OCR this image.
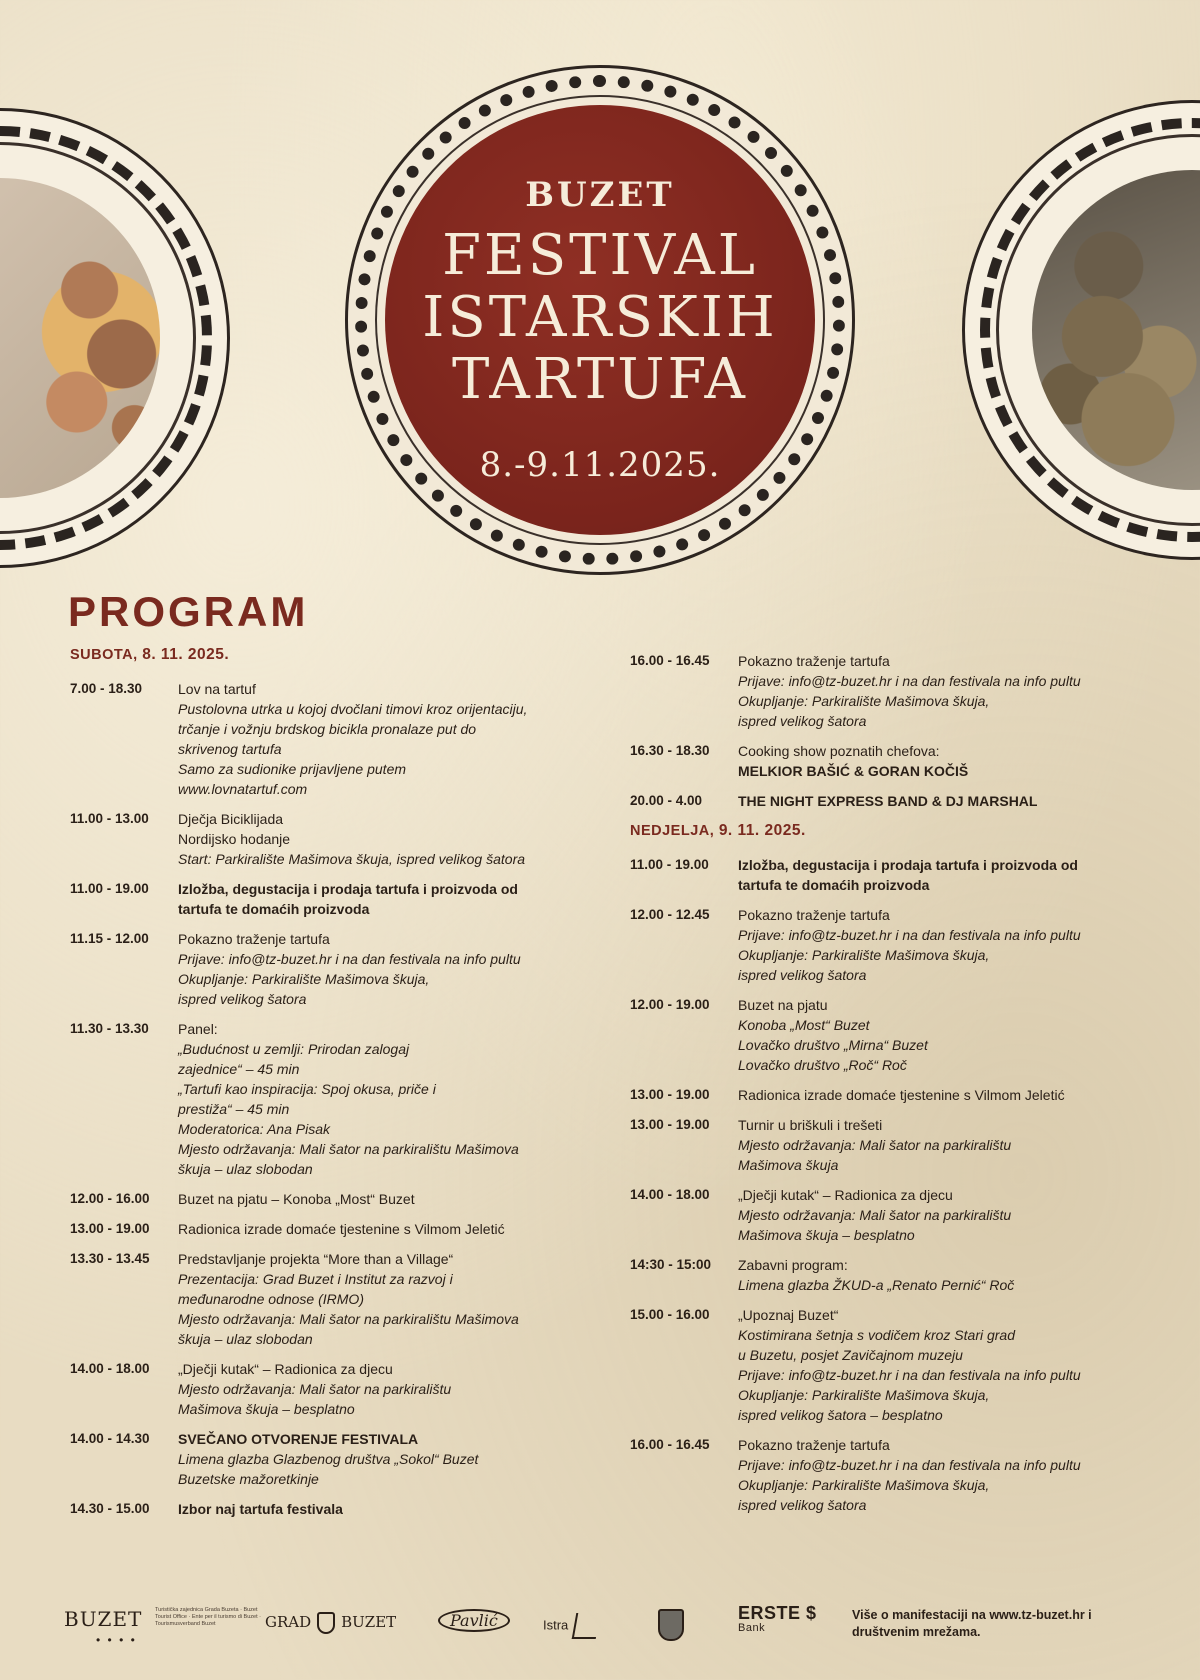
BUZET
FESTIVAL
ISTARSKIH
TARTUFA
8.-9.11.2025.
PROGRAM
SUBOTA, 8. 11. 2025.
7.00 - 18.30	Lov na tartuf
Pustolovna utrka u kojoj dvočlani timovi kroz orijentaciju,
trčanje i vožnju brdskog bicikla pronalaze put do
skrivenog tartufa
Samo za sudionike prijavljene putem
www.lovnatartuf.com
11.00 - 13.00	Dječja Biciklijada
Nordijsko hodanje
Start: Parkiralište Mašimova škuja, ispred velikog šatora
11.00 - 19.00	Izložba, degustacija i prodaja tartufa i proizvoda od
tartufa te domaćih proizvoda
11.15 - 12.00	Pokazno traženje tartufa
Prijave: info@tz-buzet.hr i na dan festivala na info pultu
Okupljanje: Parkiralište Mašimova škuja,
ispred velikog šatora
11.30 - 13.30	Panel:
„Budućnost u zemlji: Prirodan zalogaj
zajednice“ – 45 min
„Tartufi kao inspiracija: Spoj okusa, priče i
prestiža“ – 45 min
Moderatorica: Ana Pisak
Mjesto održavanja: Mali šator na parkiralištu Mašimova
škuja – ulaz slobodan
12.00 - 16.00	Buzet na pjatu – Konoba „Most“ Buzet
13.00 - 19.00	Radionica izrade domaće tjestenine s Vilmom Jeletić
13.30 - 13.45	Predstavljanje projekta “More than a Village“
Prezentacija: Grad Buzet i Institut za razvoj i
međunarodne odnose (IRMO)
Mjesto održavanja: Mali šator na parkiralištu Mašimova
škuja – ulaz slobodan
14.00 - 18.00	„Dječji kutak“ – Radionica za djecu
Mjesto održavanja: Mali šator na parkiralištu
Mašimova škuja – besplatno
14.00 - 14.30	SVEČANO OTVORENJE FESTIVALA
Limena glazba Glazbenog društva „Sokol“ Buzet
Buzetske mažoretkinje
14.30 - 15.00	Izbor naj tartufa festivala
16.00 - 16.45	Pokazno traženje tartufa
Prijave: info@tz-buzet.hr i na dan festivala na info pultu
Okupljanje: Parkiralište Mašimova škuja,
ispred velikog šatora
16.30 - 18.30	Cooking show poznatih chefova:
MELKIOR BAŠIĆ & GORAN KOČIŠ
20.00 - 4.00	THE NIGHT EXPRESS BAND & DJ MARSHAL
NEDJELJA, 9. 11. 2025.
11.00 - 19.00	Izložba, degustacija i prodaja tartufa i proizvoda od
tartufa te domaćih proizvoda
12.00 - 12.45	Pokazno traženje tartufa
Prijave: info@tz-buzet.hr i na dan festivala na info pultu
Okupljanje: Parkiralište Mašimova škuja,
ispred velikog šatora
12.00 - 19.00	Buzet na pjatu
Konoba „Most“ Buzet
Lovačko društvo „Mirna“ Buzet
Lovačko društvo „Roč“ Roč
13.00 - 19.00	Radionica izrade domaće tjestenine s Vilmom Jeletić
13.00 - 19.00	Turnir u briškuli i trešeti
Mjesto održavanja: Mali šator na parkiralištu
Mašimova škuja
14.00 - 18.00	„Dječji kutak“ – Radionica za djecu
Mjesto održavanja: Mali šator na parkiralištu
Mašimova škuja – besplatno
14:30 - 15:00	Zabavni program:
Limena glazba ŽKUD-a „Renato Pernić“ Roč
15.00 - 16.00	„Upoznaj Buzet“
Kostimirana šetnja s vodičem kroz Stari grad
u Buzetu, posjet Zavičajnom muzeju
Prijave: info@tz-buzet.hr i na dan festivala na info pultu
Okupljanje: Parkiralište Mašimova škuja,
ispred velikog šatora – besplatno
16.00 - 16.45	Pokazno traženje tartufa
Prijave: info@tz-buzet.hr i na dan festivala na info pultu
Okupljanje: Parkiralište Mašimova škuja,
ispred velikog šatora
BUZET
• • • •
Turistička zajednica Grada Buzeta · Buzet Tourist Office · Ente per il turismo di Buzet · Tourismusverband Buzet	GRAD BUZET	Pavlić	Istra
ERSTE $
Bank
Više o manifestaciji na www.tz-buzet.hr i društvenim mrežama.
